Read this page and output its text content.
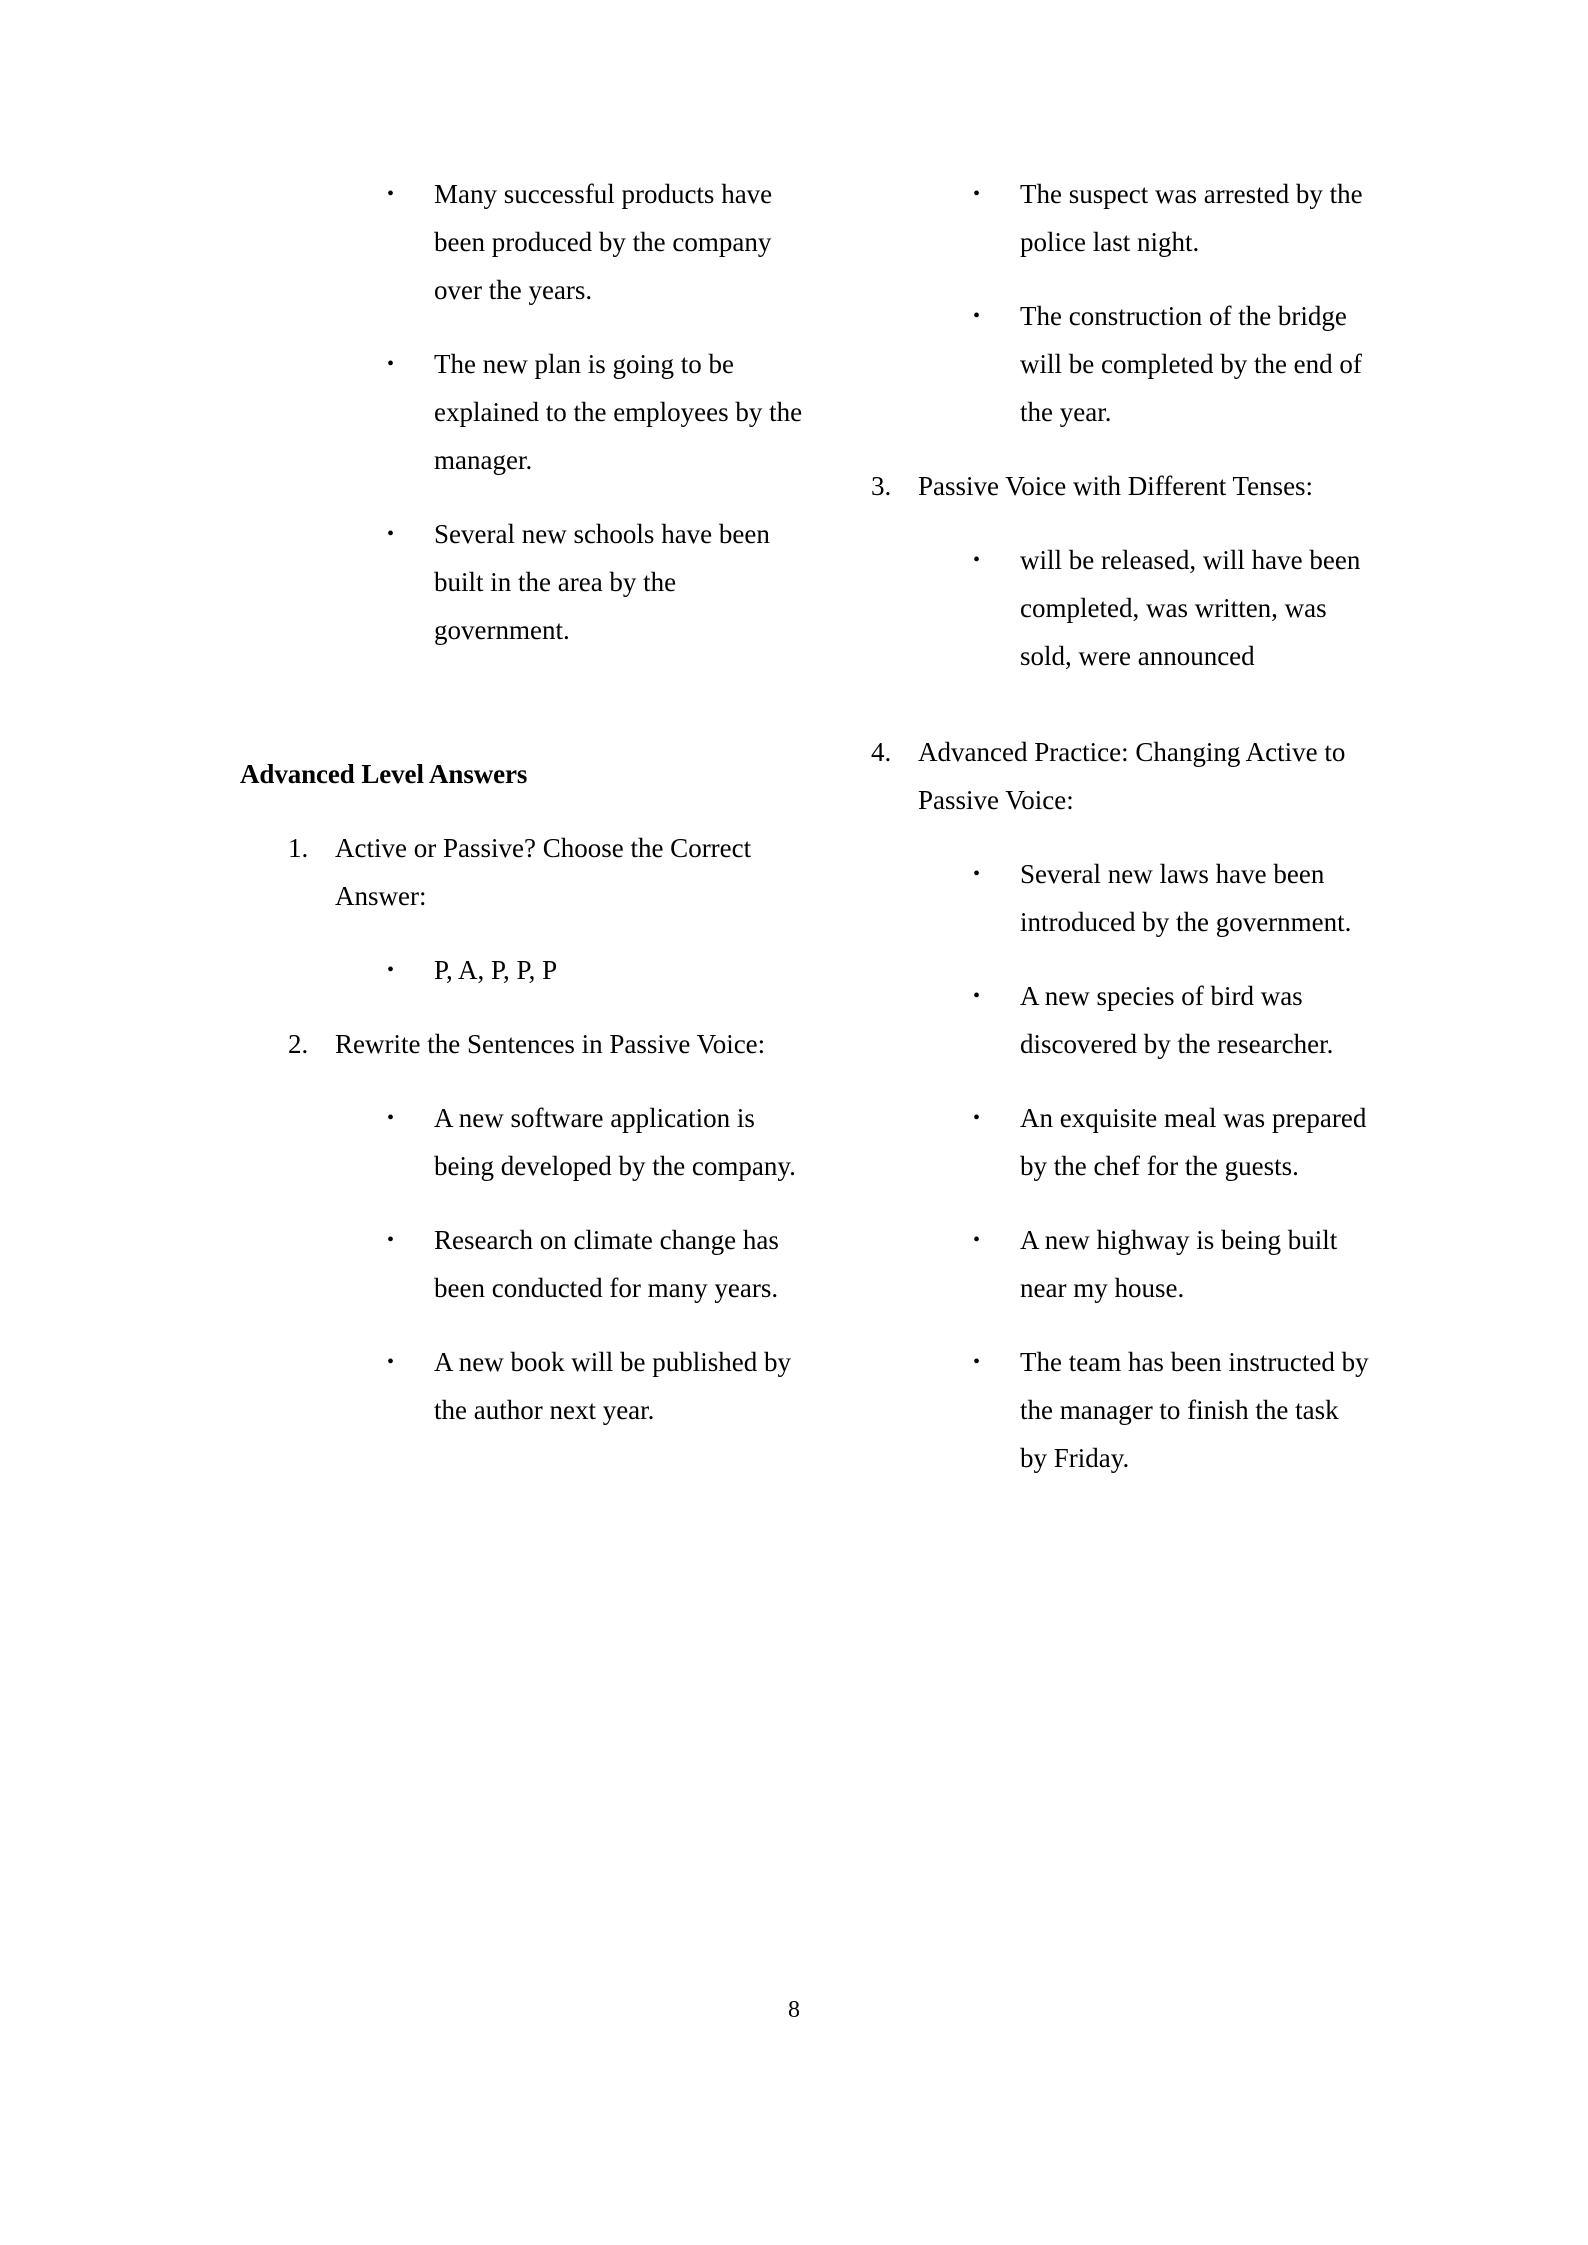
•	Many successful products have been produced by the company over the years.
•	The new plan is going to be explained to the employees by the manager.
•	Several new schools have been built in the area by the government.
Advanced Level Answers
1. Active or Passive? Choose the Correct Answer:
•	P, A, P, P, P
2. Rewrite the Sentences in Passive Voice:
•	A new software application is being developed by the company.
•	Research on climate change has been conducted for many years.
•	A new book will be published by the author next year.
•	The suspect was arrested by the police last night.
•	The construction of the bridge will be completed by the end of the year.
3. Passive Voice with Different Tenses:
•	will be released, will have been completed, was written, was sold, were announced
4. Advanced Practice: Changing Active to Passive Voice:
•	Several new laws have been introduced by the government.
•	A new species of bird was discovered by the researcher.
•	An exquisite meal was prepared by the chef for the guests.
•	A new highway is being built near my house.
•	The team has been instructed by the manager to finish the task by Friday.
8
